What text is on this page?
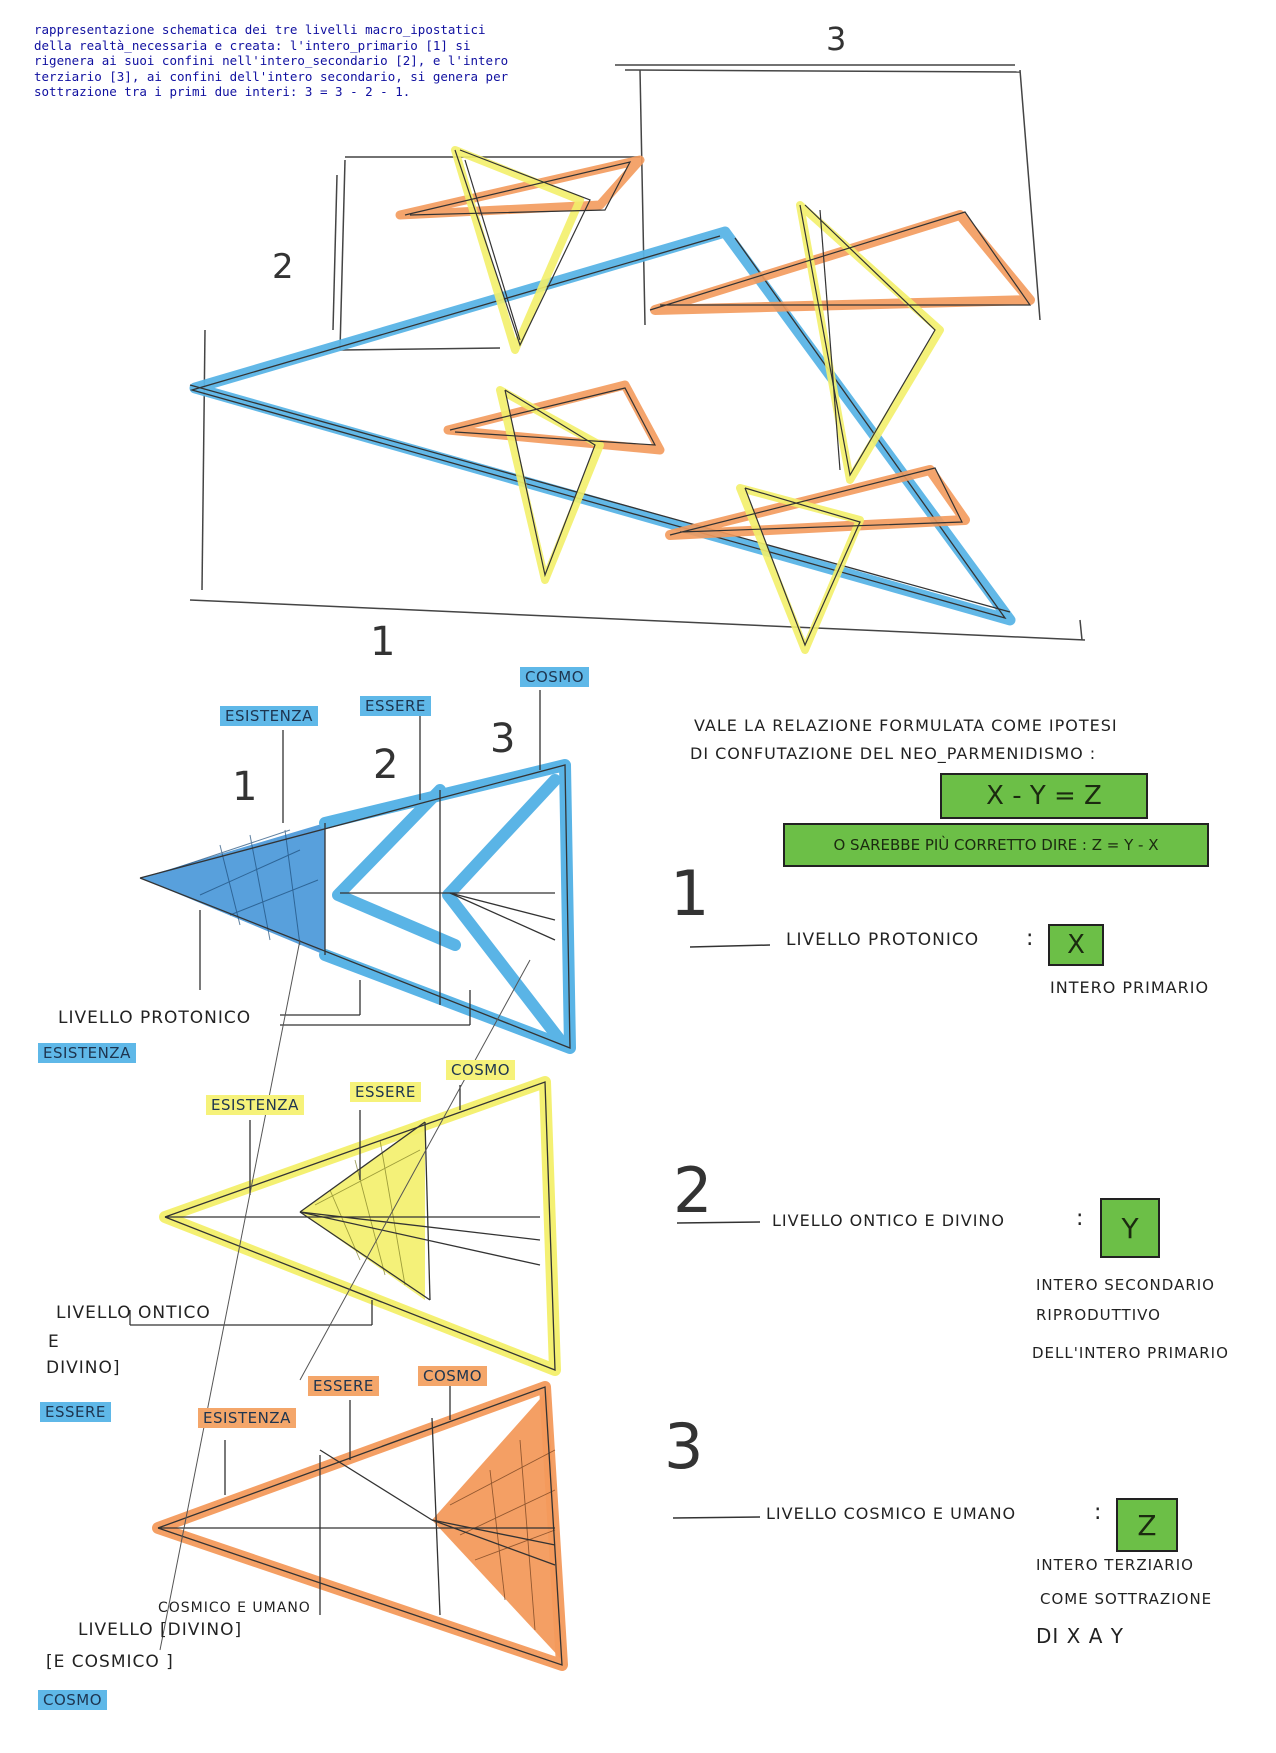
rappresentazione schematica dei tre livelli macro_ipostatici della realtà_necessaria e creata: l'intero_primario [1] si rigenera ai suoi confini nell'intero_secondario [2], e l'intero terziario [3], ai confini dell'intero secondario, si genera per sottrazione tra i primi due interi: 3 = 3 - 2 - 1.
1
2
3
1	2
3
1
2
3
ESISTENZA
ESSERE
COSMO
LIVELLO PROTONICO
ESISTENZA
ESISTENZA
ESSERE
COSMO
LIVELLO ONTICO
E
DIVINO]
ESSERE	ESISTENZA
ESSERE
COSMO
COSMICO E UMANO
LIVELLO [DIVINO]
[E COSMICO ]
COSMO
VALE LA RELAZIONE FORMULATA COME IPOTESI
DI CONFUTAZIONE DEL NEO_PARMENIDISMO :
X - Y = Z
O SAREBBE PIÙ CORRETTO DIRE : Z = Y - X
LIVELLO PROTONICO :	X
INTERO PRIMARIO
LIVELLO ONTICO E DIVINO	:	Y
INTERO SECONDARIO
RIPRODUTTIVO
DELL'INTERO PRIMARIO
LIVELLO COSMICO E UMANO	:	Z
INTERO TERZIARIO
COME SOTTRAZIONE
DI X A Y
